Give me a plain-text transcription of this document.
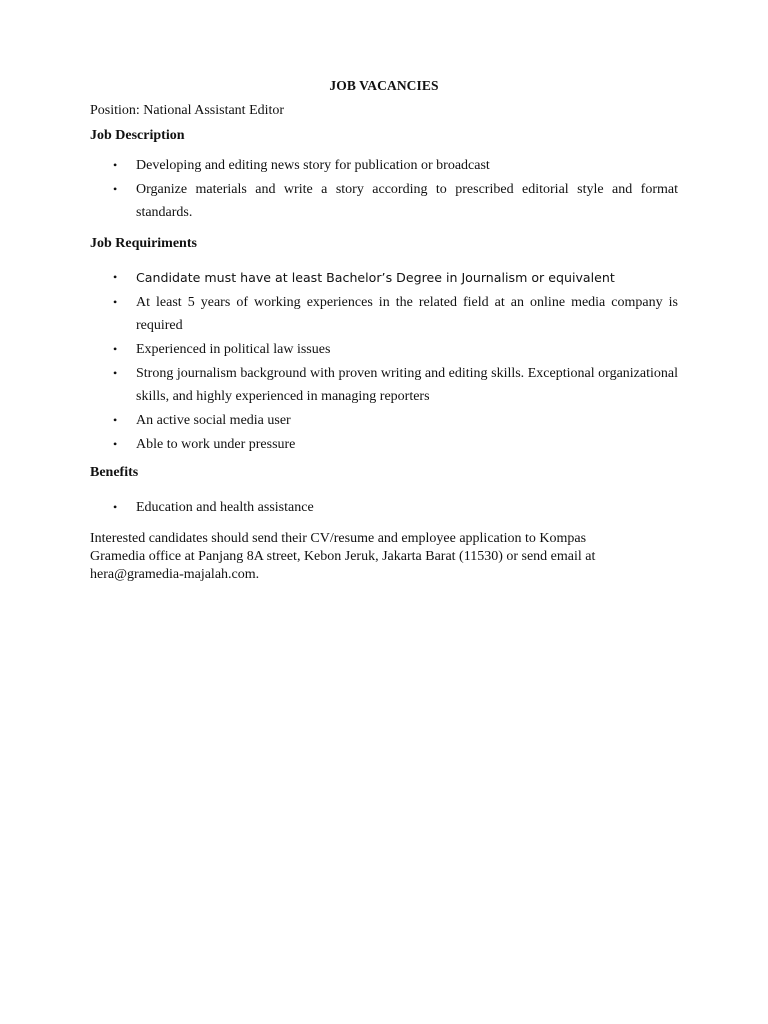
JOB VACANCIES
Position: National Assistant Editor
Job Description
• Developing and editing news story for publication or broadcast
• Organize materials and write a story according to prescribed editorial style and format standards.
Job Requiriments
• Candidate must have at least Bachelor’s Degree in Journalism or equivalent
• At least 5 years of working experiences in the related field at an online media company is required
• Experienced in political law issues
• Strong journalism background with proven writing and editing skills. Exceptional organizational skills, and highly experienced in managing reporters
• An active social media user
• Able to work under pressure
Benefits
• Education and health assistance
Interested candidates should send their CV/resume and employee application to Kompas
Gramedia office at Panjang 8A street, Kebon Jeruk, Jakarta Barat (11530) or send email at
hera@gramedia-majalah.com.
